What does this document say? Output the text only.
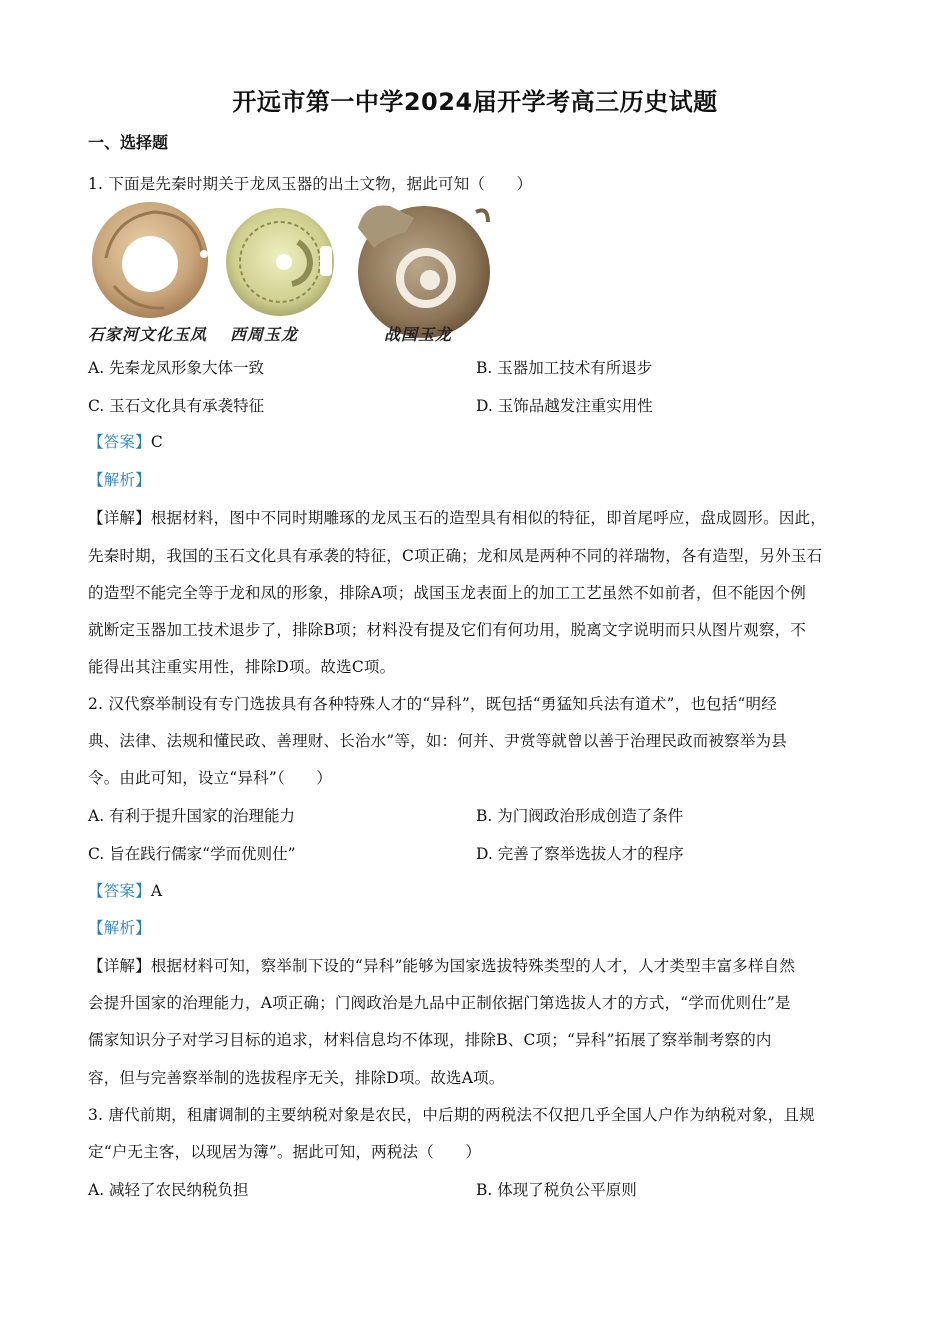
开远市第一中学2024届开学考高三历史试题
一、选择题
1. 下面是先秦时期关于龙凤玉器的出土文物，据此可知（　　）
石家河文化玉凤 西周玉龙	战国玉龙
A. 先秦龙凤形象大体一致	B. 玉器加工技术有所退步
C. 玉石文化具有承袭特征	D. 玉饰品越发注重实用性
【答案】C
【解析】
【详解】根据材料，图中不同时期雕琢的龙凤玉石的造型具有相似的特征，即首尾呼应，盘成圆形。因此，
先秦时期，我国的玉石文化具有承袭的特征，C项正确；龙和凤是两种不同的祥瑞物，各有造型，另外玉石
的造型不能完全等于龙和凤的形象，排除A项；战国玉龙表面上的加工工艺虽然不如前者，但不能因个例
就断定玉器加工技术退步了，排除B项；材料没有提及它们有何功用，脱离文字说明而只从图片观察，不
能得出其注重实用性，排除D项。故选C项。
2. 汉代察举制设有专门选拔具有各种特殊人才的“异科”，既包括“勇猛知兵法有道术”，也包括“明经
典、法律、法规和懂民政、善理财、长治水”等，如：何并、尹赏等就曾以善于治理民政而被察举为县
令。由此可知，设立“异科”（　　）
A. 有利于提升国家的治理能力	B. 为门阀政治形成创造了条件
C. 旨在践行儒家“学而优则仕”	D. 完善了察举选拔人才的程序
【答案】A
【解析】
【详解】根据材料可知，察举制下设的“异科”能够为国家选拔特殊类型的人才，人才类型丰富多样自然
会提升国家的治理能力，A项正确；门阀政治是九品中正制依据门第选拔人才的方式，“学而优则仕”是
儒家知识分子对学习目标的追求，材料信息均不体现，排除B、C项；“异科”拓展了察举制考察的内
容，但与完善察举制的选拔程序无关，排除D项。故选A项。
3. 唐代前期，租庸调制的主要纳税对象是农民，中后期的两税法不仅把几乎全国人户作为纳税对象，且规
定“户无主客，以现居为簿”。据此可知，两税法（　　）
A. 减轻了农民纳税负担	B. 体现了税负公平原则
